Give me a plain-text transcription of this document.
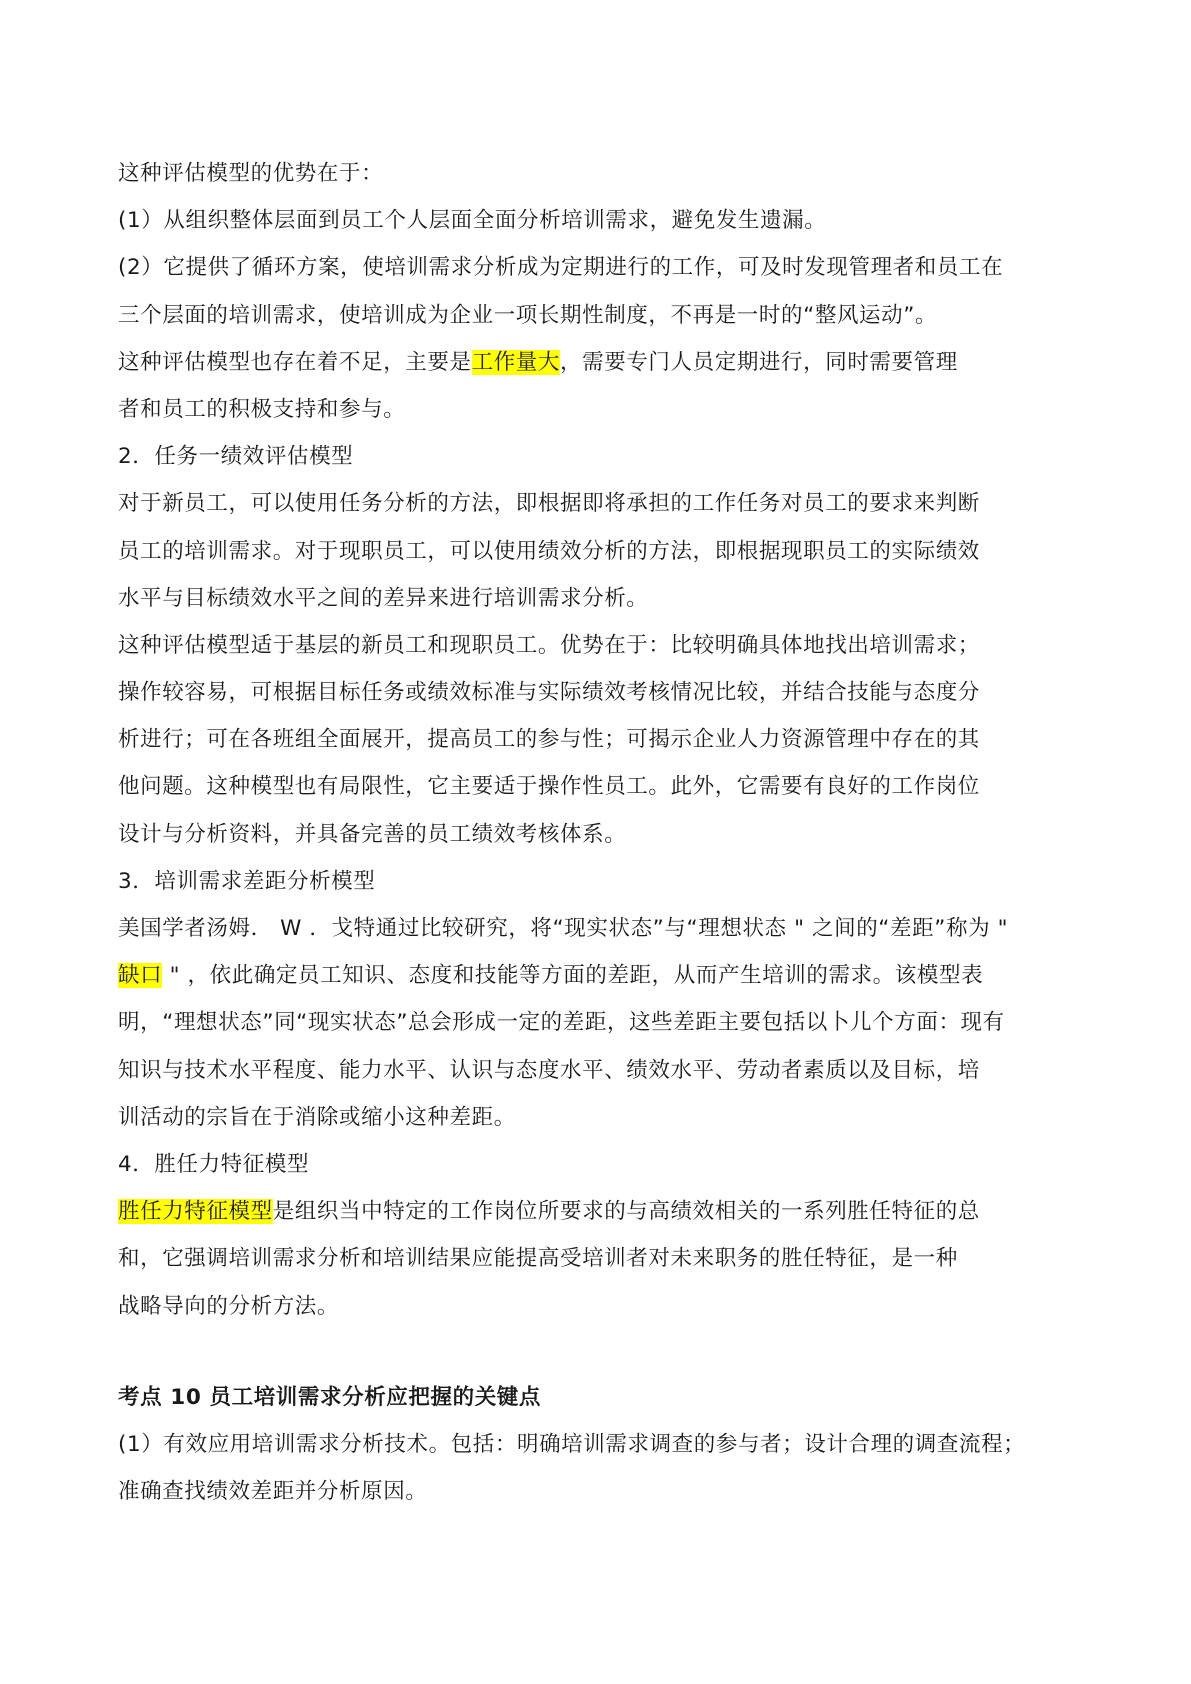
这种评估模型的优势在于：
(1）从组织整体层面到员工个人层面全面分析培训需求，避免发生遗漏。
(2）它提供了循环方案，使培训需求分析成为定期进行的工作，可及时发现管理者和员工在
三个层面的培训需求，使培训成为企业一项长期性制度，不再是一时的“整风运动”。
这种评估模型也存在着不足，主要是工作量大，需要专门人员定期进行，同时需要管理
者和员工的积极支持和参与。
2．任务一绩效评估模型
对于新员工，可以使用任务分析的方法，即根据即将承担的工作任务对员工的要求来判断
员工的培训需求。对于现职员工，可以使用绩效分析的方法，即根据现职员工的实际绩效
水平与目标绩效水平之间的差异来进行培训需求分析。
这种评估模型适于基层的新员工和现职员工。优势在于：比较明确具体地找出培训需求；
操作较容易，可根据目标任务或绩效标准与实际绩效考核情况比较，并结合技能与态度分
析进行；可在各班组全面展开，提高员工的参与性；可揭示企业人力资源管理中存在的其
他问题。这种模型也有局限性，它主要适于操作性员工。此外，它需要有良好的工作岗位
设计与分析资料，并具备完善的员工绩效考核体系。
3．培训需求差距分析模型
美国学者汤姆． W ．戈特通过比较研究，将“现实状态”与“理想状态 " 之间的“差距”称为 "
缺口 " ，依此确定员工知识、态度和技能等方面的差距，从而产生培训的需求。该模型表
明，“理想状态”同“现实状态”总会形成一定的差距，这些差距主要包括以卜儿个方面：现有
知识与技术水平程度、能力水平、认识与态度水平、绩效水平、劳动者素质以及目标，培
训活动的宗旨在于消除或缩小这种差距。
4．胜任力特征模型
胜任力特征模型是组织当中特定的工作岗位所要求的与高绩效相关的一系列胜任特征的总
和，它强调培训需求分析和培训结果应能提高受培训者对未来职务的胜任特征，是一种
战略导向的分析方法。
考点 10 员工培训需求分析应把握的关键点
(1）有效应用培训需求分析技术。包括：明确培训需求调查的参与者；设计合理的调查流程；
准确查找绩效差距并分析原因。
